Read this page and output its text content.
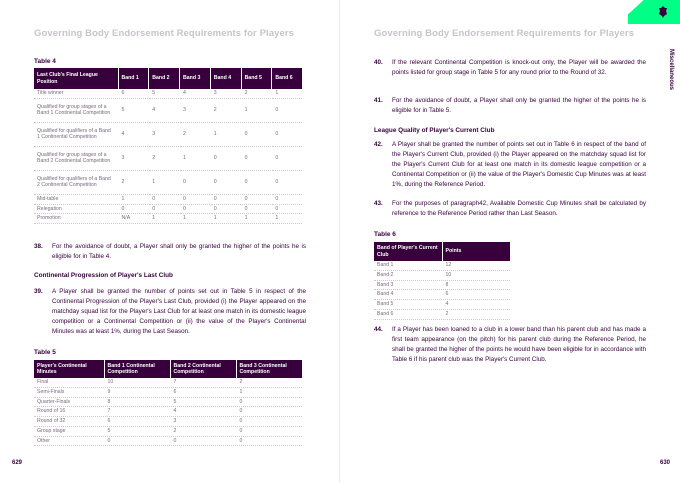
Governing Body Endorsement Requirements for Players
Table 4
Last Club's Final League Position	Band 1	Band 2	Band 3	Band 4	Band 5	Band 6
Title winner	6	5	4	3	2	1
Qualified for group stages of a Band 1 Continental Competition	5	4	3	2	1	0
Qualified for qualifiers of a Band 1 Continental Competition	4	3	2	1	0	0
Qualified for group stages of a Band 2 Continental Competition	3	2	1	0	0	0
Qualified for qualifiers of a Band 2 Continental Competition	2	1	0	0	0	0
Mid-table	1	0	0	0	0	0
Relegation	0	0	0	0	0	0
Promotion	N/A	1	1	1	1	1
38.	For the avoidance of doubt, a Player shall only be granted the higher of the points he is eligible for in Table 4.
Continental Progression of Player's Last Club
39.	A Player shall be granted the number of points set out in Table 5 in respect of the Continental Progression of the Player's Last Club, provided (i) the Player appeared on the matchday squad list for the Player's Last Club for at least one match in its domestic league competition or a Continental Competition or (ii) the value of the Player's Continental Minutes was at least 1%, during the Last Season.
Table 5
Player's Continental Minutes	Band 1 Continental Competition	Band 2 Continental Competition	Band 3 Continental Competition
Final	10	7	2
Semi-Finals	9	6	1
Quarter-Finals	8	5	0
Round of 16	7	4	0
Round of 32	6	3	0
Group stage	5	2	0
Other	0	0	0
629
Miscellaneous
Governing Body Endorsement Requirements for Players
40.	If the relevant Continental Competition is knock-out only, the Player will be awarded the points listed for group stage in Table 5 for any round prior to the Round of 32.
41.	For the avoidance of doubt, a Player shall only be granted the higher of the points he is eligible for in Table 5.
League Quality of Player's Current Club
42.	A Player shall be granted the number of points set out in Table 6 in respect of the band of the Player's Current Club, provided (i) the Player appeared on the matchday squad list for the Player's Current Club for at least one match in its domestic league competition or a Continental Competition or (ii) the value of the Player's Domestic Cup Minutes was at least 1%, during the Reference Period.
43.	For the purposes of paragraph42, Available Domestic Cup Minutes shall be calculated by reference to the Reference Period rather than Last Season.
Table 6
Band of Player's Current Club	Points
Band 1	12
Band 2	10
Band 3	8
Band 4	6
Band 5	4
Band 6	2
44.	If a Player has been loaned to a club in a lower band than his parent club and has made a first team appearance (on the pitch) for his parent club during the Reference Period, he shall be granted the higher of the points he would have been eligible for in accordance with Table 6 if his parent club was the Player's Current Club.
630
